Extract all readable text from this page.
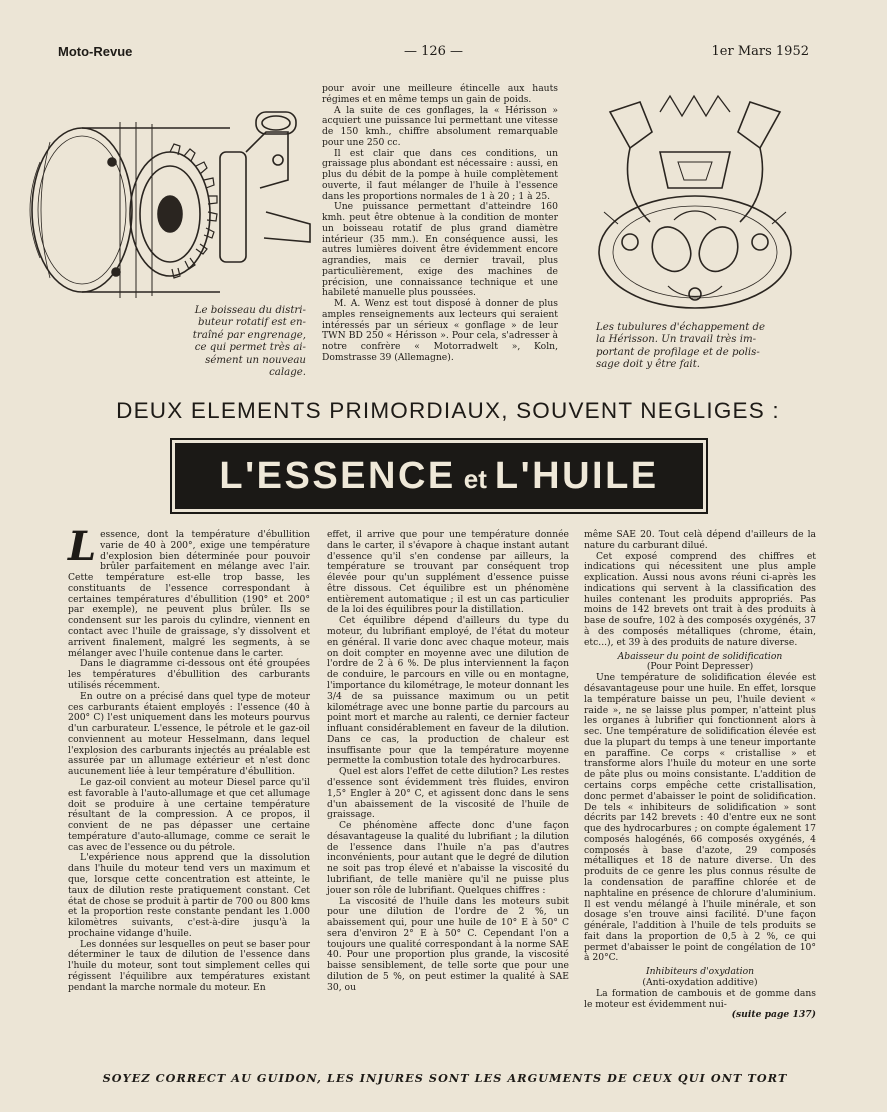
Moto-Revue	— 126 —	1er Mars 1952
Le boisseau du distri-
buteur rotatif est en-
traîné par engrenage,
ce qui permet très ai-
sément un nouveau
calage.

pour avoir une meilleure étincelle aux hauts régimes et en même temps un gain de poids.

A la suite de ces gonflages, la « Hérisson » acquiert une puissance lui permettant une vitesse de 150 kmh., chiffre absolument remarquable pour une 250 cc.

Il est clair que dans ces conditions, un graissage plus abondant est nécessaire : aussi, en plus du débit de la pompe à huile complètement ouverte, il faut mélanger de l'huile à l'essence dans les proportions normales de 1 à 20 ; 1 à 25.

Une puissance permettant d'atteindre 160 kmh. peut être obtenue à la condition de monter un boisseau rotatif de plus grand diamètre intérieur (35 mm.). En conséquence aussi, les autres lumières doivent être évidemment encore agrandies, mais ce dernier travail, plus particulièrement, exige des machines de précision, une connaissance technique et une habileté manuelle plus poussées.

M. A. Wenz est tout disposé à donner de plus amples renseignements aux lecteurs qui seraient intéressés par un sérieux « gonflage » de leur TWN BD 250 « Hérisson ». Pour cela, s'adresser à notre confrère « Motorradwelt », Koln, Domstrasse 39 (Allemagne).

Les tubulures d'échappement de
la Hérisson. Un travail très im-
portant de profilage et de polis-
sage doit y être fait.
DEUX ELEMENTS PRIMORDIAUX, SOUVENT NEGLIGES :
L'ESSENCE et L'HUILE

Lessence, dont la température d'ébullition varie de 40 à 200°, exige une température d'explosion bien déterminée pour pouvoir brûler parfaitement en mélange avec l'air. Cette température est-elle trop basse, les constituants de l'essence correspondant à certaines températures d'ébullition (190° et 200° par exemple), ne peuvent plus brûler. Ils se condensent sur les parois du cylindre, viennent en contact avec l'huile de graissage, s'y dissolvent et arrivent finalement, malgré les segments, à se mélanger avec l'huile contenue dans le carter.

Dans le diagramme ci-dessous ont été groupées les températures d'ébullition des carburants utilisés récemment.

En outre on a précisé dans quel type de moteur ces carburants étaient employés : l'essence (40 à 200° C) l'est uniquement dans les moteurs pourvus d'un carburateur. L'essence, le pétrole et le gaz-oil conviennent au moteur Hesselmann, dans lequel l'explosion des carburants injectés au préalable est assurée par un allumage extérieur et n'est donc aucunement liée à leur température d'ébullition.

Le gaz-oil convient au moteur Diesel parce qu'il est favorable à l'auto-allumage et que cet allumage doit se produire à une certaine température résultant de la compression. A ce propos, il convient de ne pas dépasser une certaine température d'auto-allumage, comme ce serait le cas avec de l'essence ou du pétrole.

L'expérience nous apprend que la dissolution dans l'huile du moteur tend vers un maximum et que, lorsque cette concentration est atteinte, le taux de dilution reste pratiquement constant. Cet état de chose se produit à partir de 700 ou 800 kms et la proportion reste constante pendant les 1.000 kilomètres suivants, c'est-à-dire jusqu'à la prochaine vidange d'huile.

Les données sur lesquelles on peut se baser pour déterminer le taux de dilution de l'essence dans l'huile du moteur, sont tout simplement celles qui régissent l'équilibre aux températures existant pendant la marche normale du moteur. En

effet, il arrive que pour une température donnée dans le carter, il s'évapore à chaque instant autant d'essence qu'il s'en condense par ailleurs, la température se trouvant par conséquent trop élevée pour qu'un supplément d'essence puisse être dissous. Cet équilibre est un phénomène entièrement automatique ; il est un cas particulier de la loi des équilibres pour la distillation.

Cet équilibre dépend d'ailleurs du type du moteur, du lubrifiant employé, de l'état du moteur en général. Il varie donc avec chaque moteur, mais on doit compter en moyenne avec une dilution de l'ordre de 2 à 6 %. De plus interviennent la façon de conduire, le parcours en ville ou en montagne, l'importance du kilométrage, le moteur donnant les 3/4 de sa puissance maximum ou un petit kilométrage avec une bonne partie du parcours au point mort et marche au ralenti, ce dernier facteur influant considérablement en faveur de la dilution. Dans ce cas, la production de chaleur est insuffisante pour que la température moyenne permette la combustion totale des hydrocarbures.

Quel est alors l'effet de cette dilution? Les restes d'essence sont évidemment très fluides, environ 1,5° Engler à 20° C, et agissent donc dans le sens d'un abaissement de la viscosité de l'huile de graissage.

Ce phénomène affecte donc d'une façon désavantageuse la qualité du lubrifiant ; la dilution de l'essence dans l'huile n'a pas d'autres inconvénients, pour autant que le degré de dilution ne soit pas trop élevé et n'abaisse la viscosité du lubrifiant, de telle manière qu'il ne puisse plus jouer son rôle de lubrifiant. Quelques chiffres :

La viscosité de l'huile dans les moteurs subit pour une dilution de l'ordre de 2 %, un abaissement qui, pour une huile de 10° E à 50° C sera d'environ 2° E à 50° C. Cependant l'on a toujours une qualité correspondant à la norme SAE 40. Pour une proportion plus grande, la viscosité baisse sensiblement, de telle sorte que pour une dilution de 5 %, on peut estimer la qualité à SAE 30, ou

même SAE 20. Tout celà dépend d'ailleurs de la nature du carburant dilué.

Cet exposé comprend des chiffres et indications qui nécessitent une plus ample explication. Aussi nous avons réuni ci-après les indications qui servent à la classification des huiles contenant les produits appropriés. Pas moins de 142 brevets ont trait à des produits à base de soufre, 102 à des composés oxygénés, 37 à des composés métalliques (chrome, étain, etc...), et 39 à des produits de nature diverse.

Abaisseur du point de solidification

(Pour Point Depresser)

Une température de solidification élevée est désavantageuse pour une huile. En effet, lorsque la température baisse un peu, l'huile devient « raide », ne se laisse plus pomper, n'atteint plus les organes à lubrifier qui fonctionnent alors à sec. Une température de solidification élevée est due la plupart du temps à une teneur importante en paraffine. Ce corps « cristallise » et transforme alors l'huile du moteur en une sorte de pâte plus ou moins consistante. L'addition de certains corps empêche cette cristallisation, donc permet d'abaisser le point de solidification. De tels « inhibiteurs de solidification » sont décrits par 142 brevets : 40 d'entre eux ne sont que des hydrocarbures ; on compte également 17 composés halogénés, 66 composés oxygénés, 4 composés à base d'azote, 29 composés métalliques et 18 de nature diverse. Un des produits de ce genre les plus connus résulte de la condensation de paraffine chlorée et de naphtaline en présence de chlorure d'aluminium. Il est vendu mélangé à l'huile minérale, et son dosage s'en trouve ainsi facilité. D'une façon générale, l'addition à l'huile de tels produits se fait dans la proportion de 0,5 à 2 %, ce qui permet d'abaisser le point de congélation de 10° à 20°C.

Inhibiteurs d'oxydation

(Anti-oxydation additive)

La formation de cambouis et de gomme dans le moteur est évidemment nui-

(suite page 137)

SOYEZ CORRECT AU GUIDON, LES INJURES SONT LES ARGUMENTS DE CEUX QUI ONT TORT
